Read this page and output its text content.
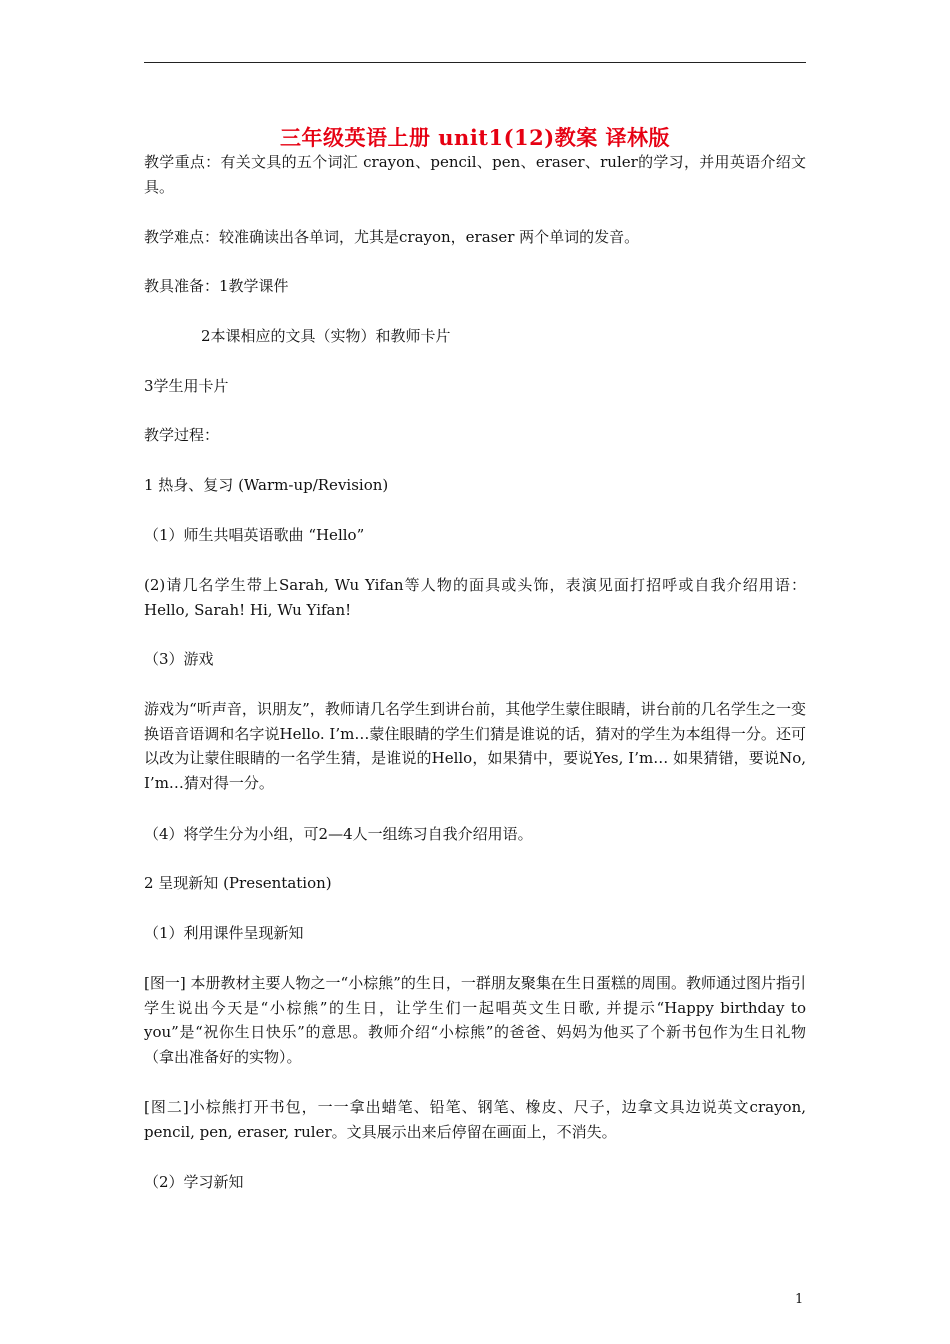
三年级英语上册 unit1(12)教案 译林版

教学重点：有关文具的五个词汇 crayon、pencil、pen、eraser、ruler的学习，并用英语介绍文具。

教学难点：较准确读出各单词，尤其是crayon，eraser 两个单词的发音。

教具准备：1教学课件

2本课相应的文具（实物）和教师卡片

3学生用卡片

教学过程：

1 热身、复习 (Warm-up/Revision)

（1）师生共唱英语歌曲 “Hello”

(2)请几名学生带上Sarah, Wu Yifan等人物的面具或头饰，表演见面打招呼或自我介绍用语：Hello, Sarah! Hi, Wu Yifan!

（3）游戏

游戏为“听声音，识朋友”，教师请几名学生到讲台前，其他学生蒙住眼睛，讲台前的几名学生之一变换语音语调和名字说Hello. I’m…蒙住眼睛的学生们猜是谁说的话，猜对的学生为本组得一分。还可以改为让蒙住眼睛的一名学生猜，是谁说的Hello，如果猜中，要说Yes, I’m… 如果猜错，要说No, I’m…猜对得一分。

（4）将学生分为小组，可2—4人一组练习自我介绍用语。

2 呈现新知 (Presentation)

（1）利用课件呈现新知

[图一] 本册教材主要人物之一“小棕熊”的生日，一群朋友聚集在生日蛋糕的周围。教师通过图片指引学生说出今天是“小棕熊”的生日，让学生们一起唱英文生日歌, 并提示“Happy birthday to you”是“祝你生日快乐”的意思。教师介绍“小棕熊”的爸爸、妈妈为他买了个新书包作为生日礼物（拿出准备好的实物）。

[图二]小棕熊打开书包，一一拿出蜡笔、铅笔、钢笔、橡皮、尺子，边拿文具边说英文crayon, pencil, pen, eraser, ruler。文具展示出来后停留在画面上，不消失。

（2）学习新知

1
